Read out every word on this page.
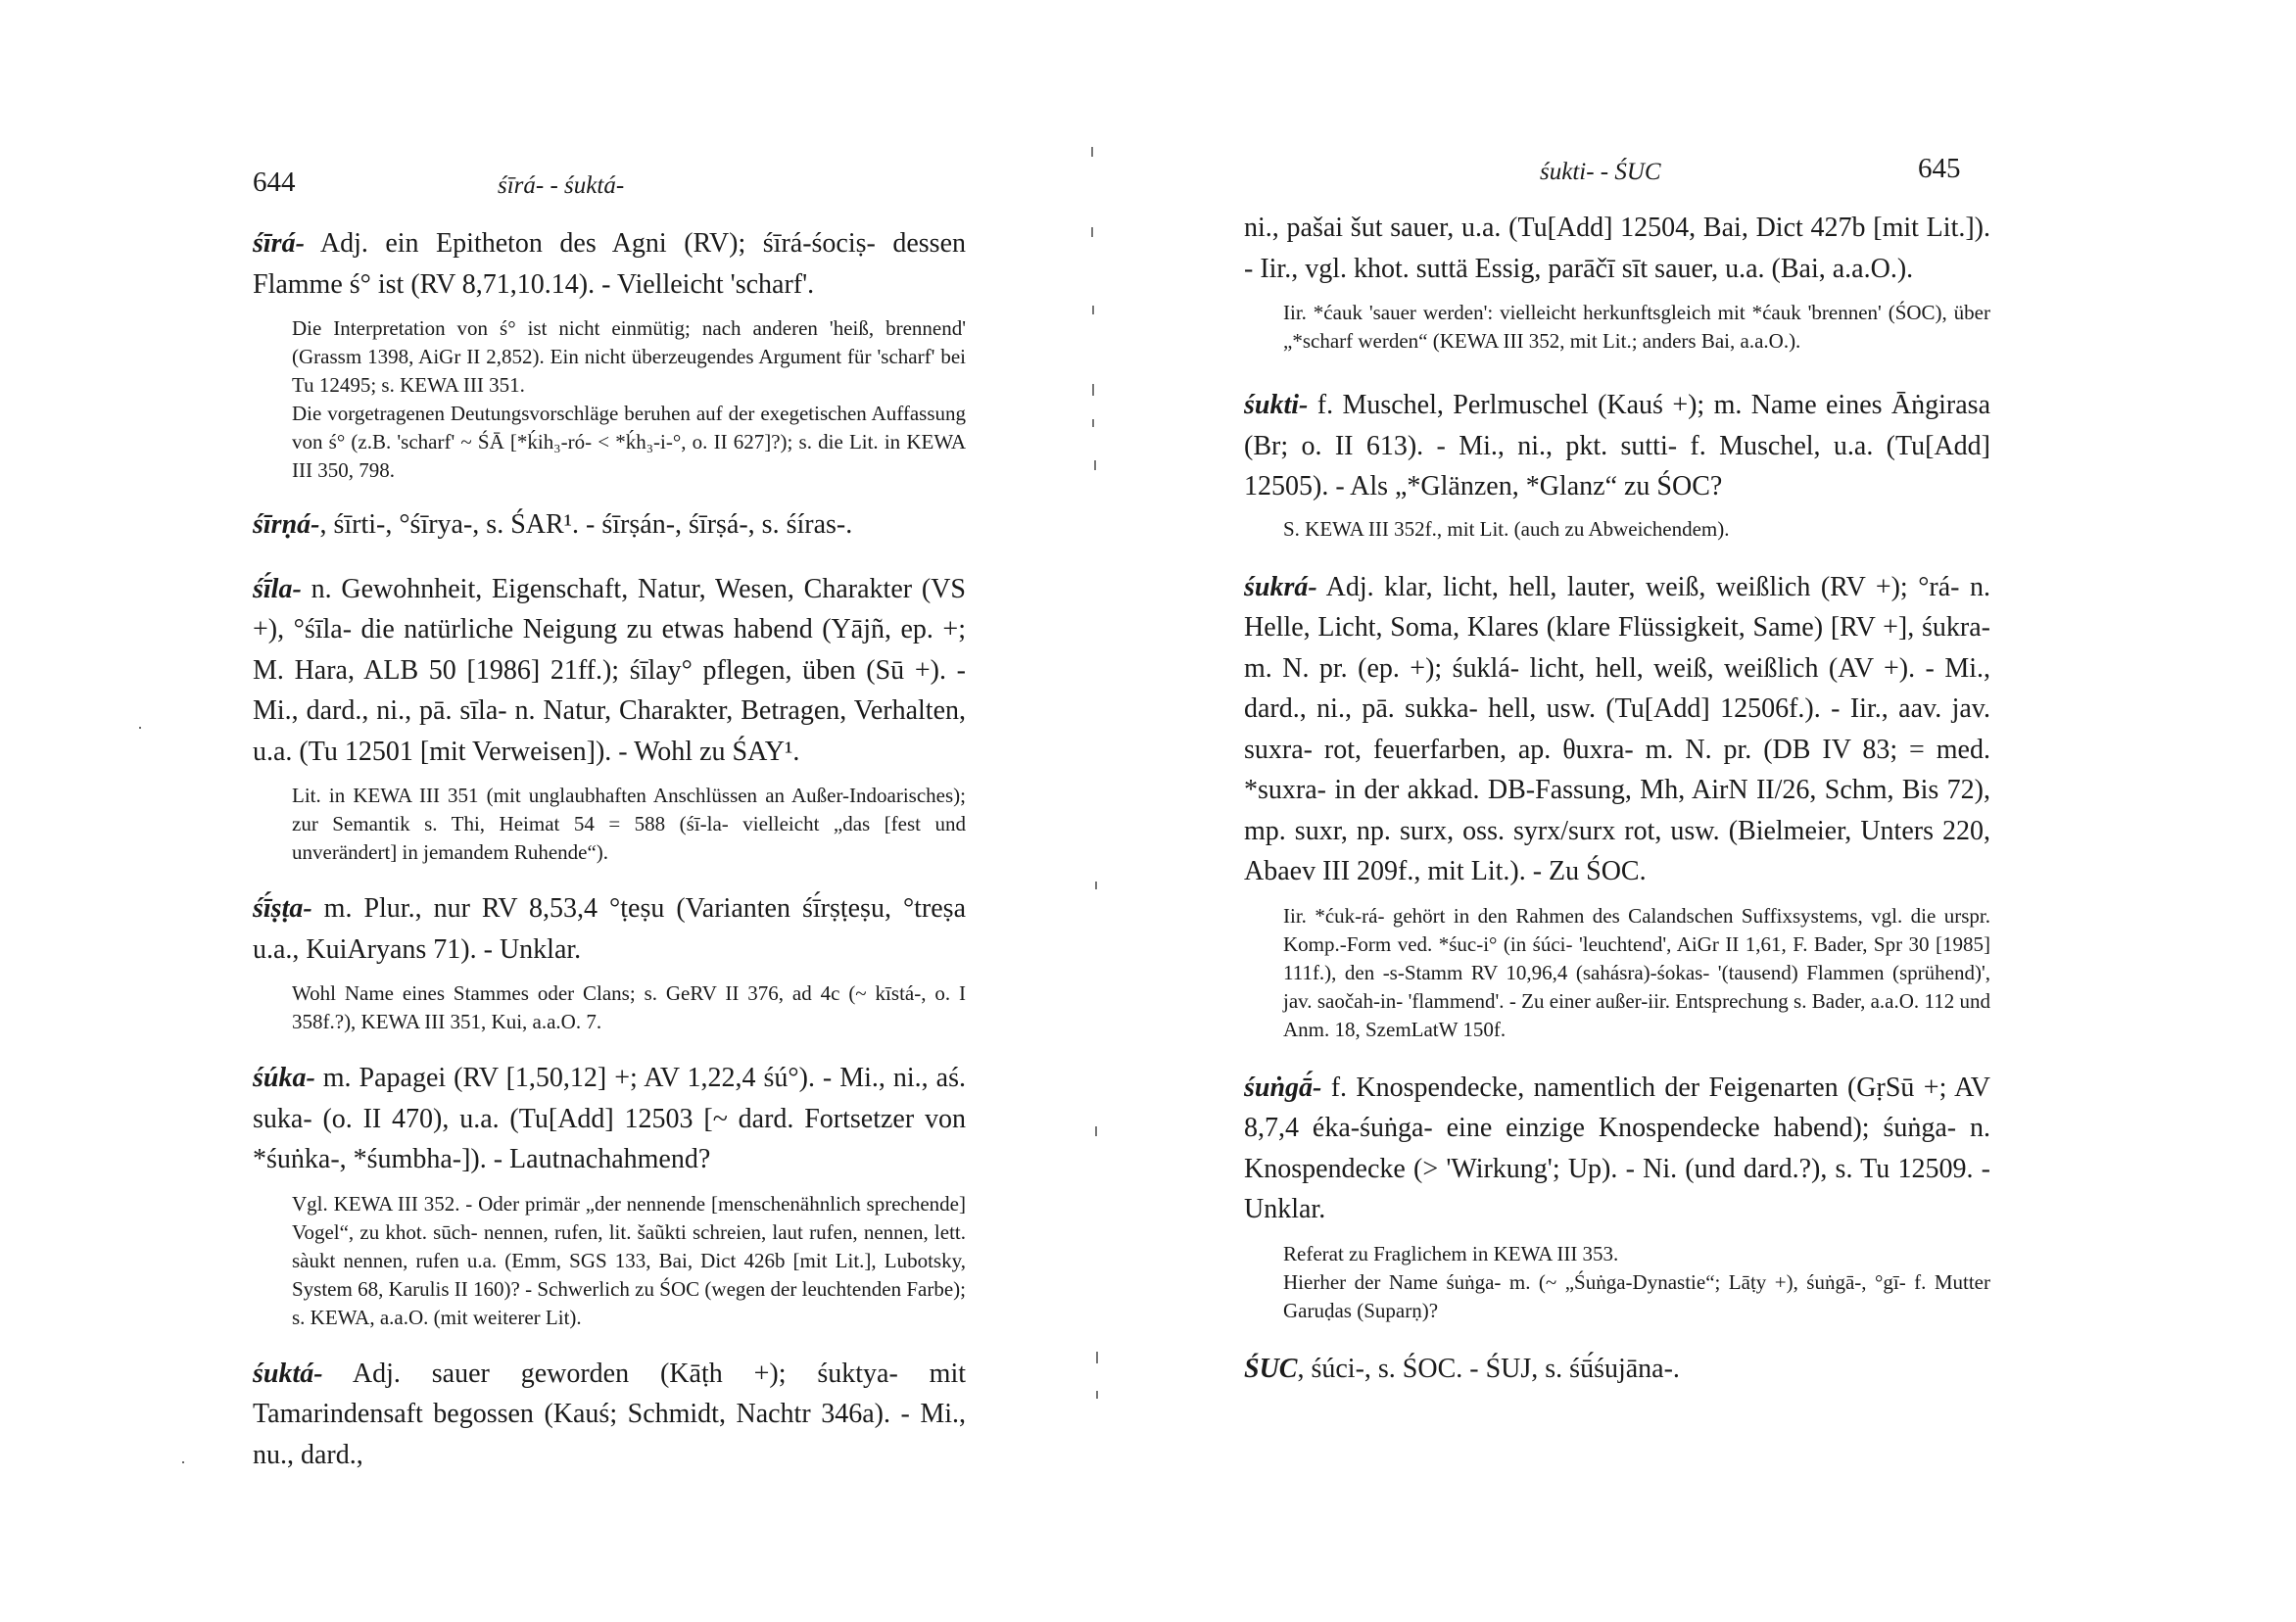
644	śīrá- - śuktá-

śīrá- Adj. ein Epitheton des Agni (RV); śīrá-śociṣ- dessen Flamme ś° ist (RV 8,71,10.14). - Vielleicht 'scharf'.

Die Interpretation von ś° ist nicht einmütig; nach anderen 'heiß, brennend' (Grassm 1398, AiGr II 2,852). Ein nicht überzeugendes Argument für 'scharf' bei Tu 12495; s. KEWA III 351.

Die vorgetragenen Deutungsvorschläge beruhen auf der exegetischen Auffassung von ś° (z.B. 'scharf' ~ ŚĀ [*ḱih₃-ró- < *ḱh₃-i-°, o. II 627]?); s. die Lit. in KEWA III 350, 798.

śīrṇá-, śīrti-, °śīrya-, s. ŚAR¹. - śīrṣán-, śīrṣá-, s. śíras-.

śī́la- n. Gewohnheit, Eigenschaft, Natur, Wesen, Charakter (VS +), °śīla- die natürliche Neigung zu etwas habend (Yājñ, ep. +; M. Hara, ALB 50 [1986] 21ff.); śīlay° pflegen, üben (Sū +). - Mi., dard., ni., pā. sīla- n. Natur, Charakter, Betragen, Verhalten, u.a. (Tu 12501 [mit Verweisen]). - Wohl zu ŚAY¹.

Lit. in KEWA III 351 (mit unglaubhaften Anschlüssen an Außer-Indoarisches); zur Semantik s. Thi, Heimat 54 = 588 (śī-la- vielleicht „das [fest und unverändert] in jemandem Ruhende“).

śī́ṣṭa- m. Plur., nur RV 8,53,4 °ṭeṣu (Varianten śī́rṣṭeṣu, °treṣa u.a., KuiAryans 71). - Unklar.

Wohl Name eines Stammes oder Clans; s. GeRV II 376, ad 4c (~ kīstá-, o. I 358f.?), KEWA III 351, Kui, a.a.O. 7.

śúka- m. Papagei (RV [1,50,12] +; AV 1,22,4 śú°). - Mi., ni., aś. suka- (o. II 470), u.a. (Tu[Add] 12503 [~ dard. Fortsetzer von *śuṅka-, *śumbha-]). - Lautnachahmend?

Vgl. KEWA III 352. - Oder primär „der nennende [menschenähnlich sprechende] Vogel“, zu khot. sūch- nennen, rufen, lit. šaũkti schreien, laut rufen, nennen, lett. sàukt nennen, rufen u.a. (Emm, SGS 133, Bai, Dict 426b [mit Lit.], Lubotsky, System 68, Karulis II 160)? - Schwerlich zu ŚOC (wegen der leuchtenden Farbe); s. KEWA, a.a.O. (mit weiterer Lit).

śuktá- Adj. sauer geworden (Kāṭh +); śuktya- mit Tamarindensaft begossen (Kauś; Schmidt, Nachtr 346a). - Mi., nu., dard.,

śukti- - ŚUC	645

ni., pašai šut sauer, u.a. (Tu[Add] 12504, Bai, Dict 427b [mit Lit.]). - Iir., vgl. khot. suttä Essig, parāčī sīt sauer, u.a. (Bai, a.a.O.).

Iir. *ćauk 'sauer werden': vielleicht herkunftsgleich mit *ćauk 'brennen' (ŚOC), über „*scharf werden“ (KEWA III 352, mit Lit.; anders Bai, a.a.O.).

śukti- f. Muschel, Perlmuschel (Kauś +); m. Name eines Āṅgirasa (Br; o. II 613). - Mi., ni., pkt. sutti- f. Muschel, u.a. (Tu[Add] 12505). - Als „*Glänzen, *Glanz“ zu ŚOC?

S. KEWA III 352f., mit Lit. (auch zu Abweichendem).

śukrá- Adj. klar, licht, hell, lauter, weiß, weißlich (RV +); °rá- n. Helle, Licht, Soma, Klares (klare Flüssigkeit, Same) [RV +], śukra- m. N. pr. (ep. +); śuklá- licht, hell, weiß, weißlich (AV +). - Mi., dard., ni., pā. sukka- hell, usw. (Tu[Add] 12506f.). - Iir., aav. jav. suxra- rot, feuerfarben, ap. θuxra- m. N. pr. (DB IV 83; = med. *suxra- in der akkad. DB-Fassung, Mh, AirN II/26, Schm, Bis 72), mp. suxr, np. surx, oss. syrx/surx rot, usw. (Bielmeier, Unters 220, Abaev III 209f., mit Lit.). - Zu ŚOC.

Iir. *ćuk-rá- gehört in den Rahmen des Calandschen Suffixsystems, vgl. die urspr. Komp.-Form ved. *śuc-i° (in śúci- 'leuchtend', AiGr II 1,61, F. Bader, Spr 30 [1985] 111f.), den -s-Stamm RV 10,96,4 (sahásra)-śokas- '(tausend) Flammen (sprühend)', jav. saočah-in- 'flammend'. - Zu einer außer-iir. Entsprechung s. Bader, a.a.O. 112 und Anm. 18, SzemLatW 150f.

śuṅgā́- f. Knospendecke, namentlich der Feigenarten (GṛSū +; AV 8,7,4 éka-śuṅga- eine einzige Knospendecke habend); śuṅga- n. Knospendecke (> 'Wirkung'; Up). - Ni. (und dard.?), s. Tu 12509. - Unklar.

Referat zu Fraglichem in KEWA III 353.

Hierher der Name śuṅga- m. (~ „Śuṅga-Dynastie“; Lāṭy +), śuṅgā-, °gī- f. Mutter Garuḍas (Suparṇ)?

ŚUC, śúci-, s. ŚOC. - ŚUJ, s. śū́śujāna-.
